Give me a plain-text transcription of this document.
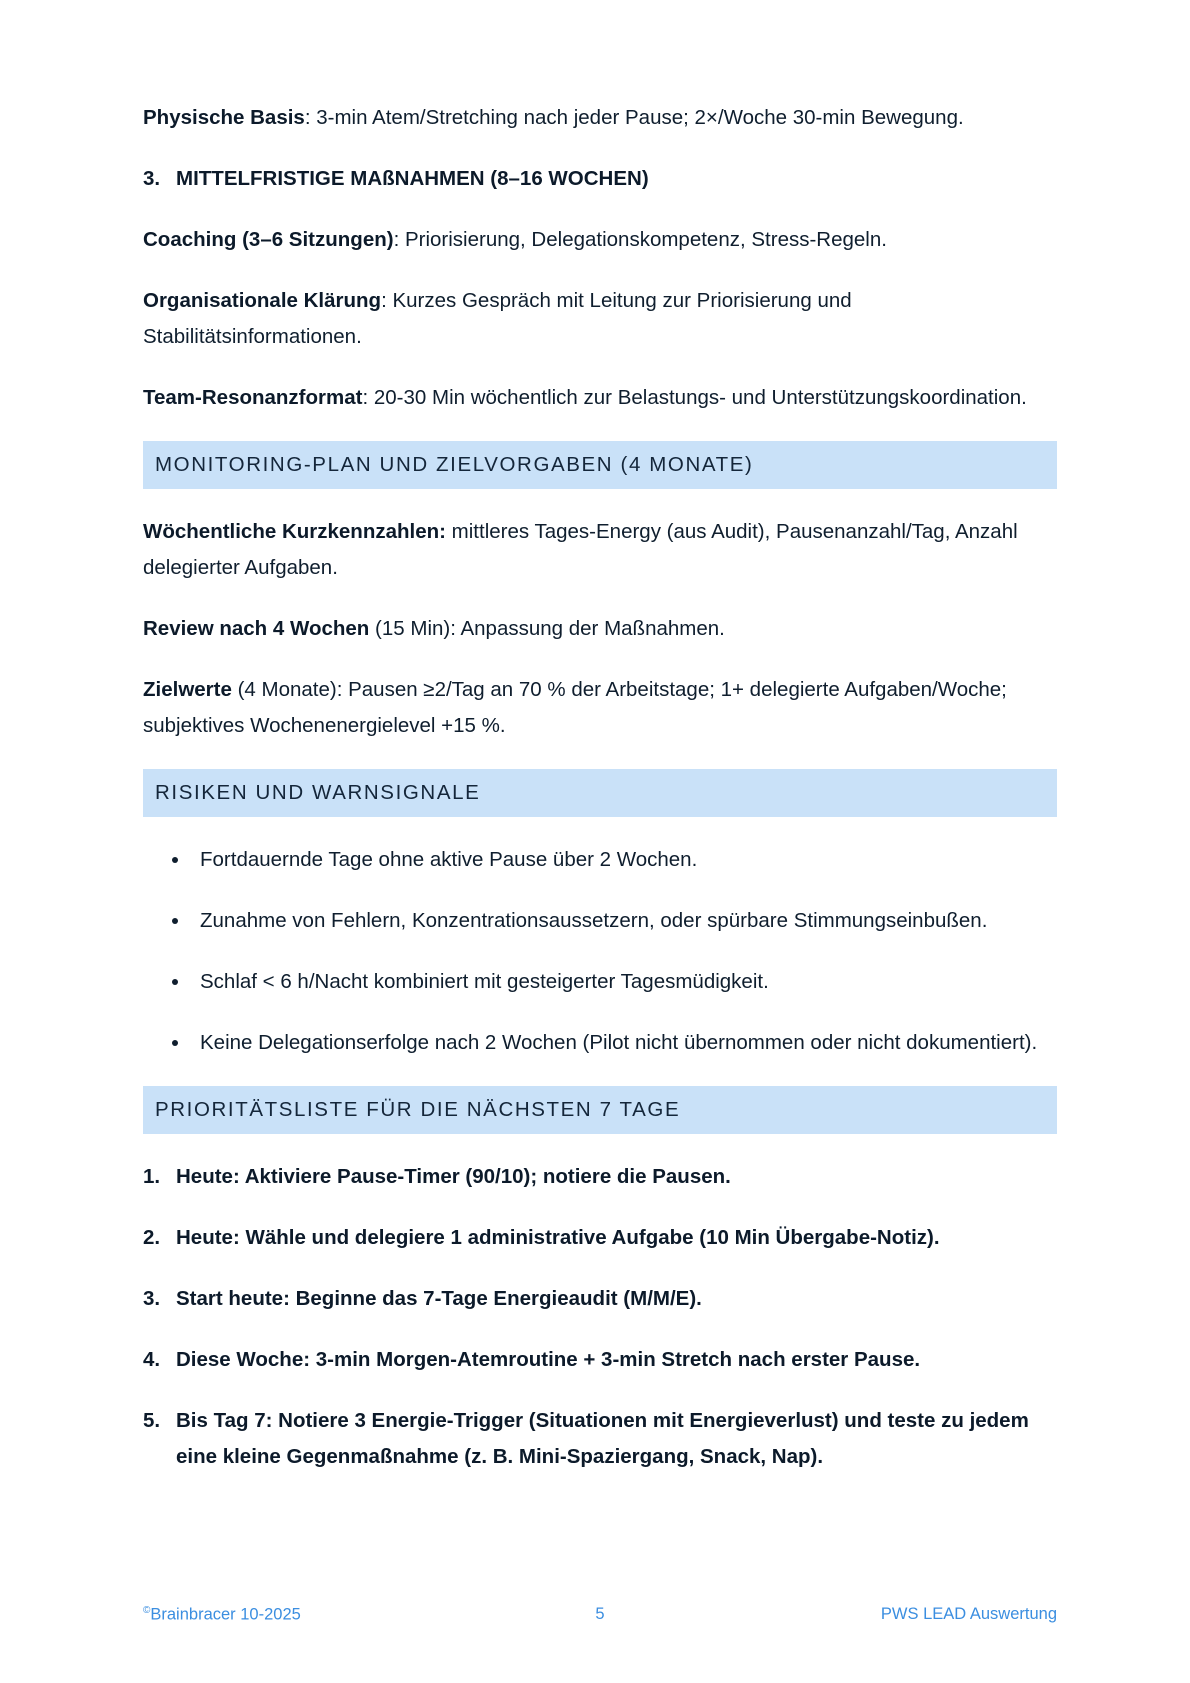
Physische Basis: 3-min Atem/Stretching nach jeder Pause; 2×/Woche 30-min Bewegung.

3. MITTELFRISTIGE MAßNAHMEN (8–16 WOCHEN)

Coaching (3–6 Sitzungen): Priorisierung, Delegationskompetenz, Stress-Regeln.

Organisationale Klärung: Kurzes Gespräch mit Leitung zur Priorisierung und Stabilitätsinformationen.

Team-Resonanzformat: 20-30 Min wöchentlich zur Belastungs- und Unterstützungskoordination.

MONITORING-PLAN UND ZIELVORGABEN (4 MONATE)

Wöchentliche Kurzkennzahlen: mittleres Tages-Energy (aus Audit), Pausenanzahl/Tag, Anzahl delegierter Aufgaben.

Review nach 4 Wochen (15 Min): Anpassung der Maßnahmen.

Zielwerte (4 Monate): Pausen ≥2/Tag an 70 % der Arbeitstage; 1+ delegierte Aufgaben/Woche; subjektives Wochenenergielevel +15 %.

RISIKEN UND WARNSIGNALE
Fortdauernde Tage ohne aktive Pause über 2 Wochen.
Zunahme von Fehlern, Konzentrationsaussetzern, oder spürbare Stimmungseinbußen.
Schlaf < 6 h/Nacht kombiniert mit gesteigerter Tagesmüdigkeit.
Keine Delegationserfolge nach 2 Wochen (Pilot nicht übernommen oder nicht dokumentiert).
PRIORITÄTSLISTE FÜR DIE NÄCHSTEN 7 TAGE
1. Heute: Aktiviere Pause-Timer (90/10); notiere die Pausen.
2. Heute: Wähle und delegiere 1 administrative Aufgabe (10 Min Übergabe-Notiz).
3. Start heute: Beginne das 7-Tage Energieaudit (M/M/E).
4. Diese Woche: 3-min Morgen-Atemroutine + 3-min Stretch nach erster Pause.
5. Bis Tag 7: Notiere 3 Energie-Trigger (Situationen mit Energieverlust) und teste zu jedem eine kleine Gegenmaßnahme (z. B. Mini-Spaziergang, Snack, Nap).
©Brainbracer 10-2025	5	PWS LEAD Auswertung
